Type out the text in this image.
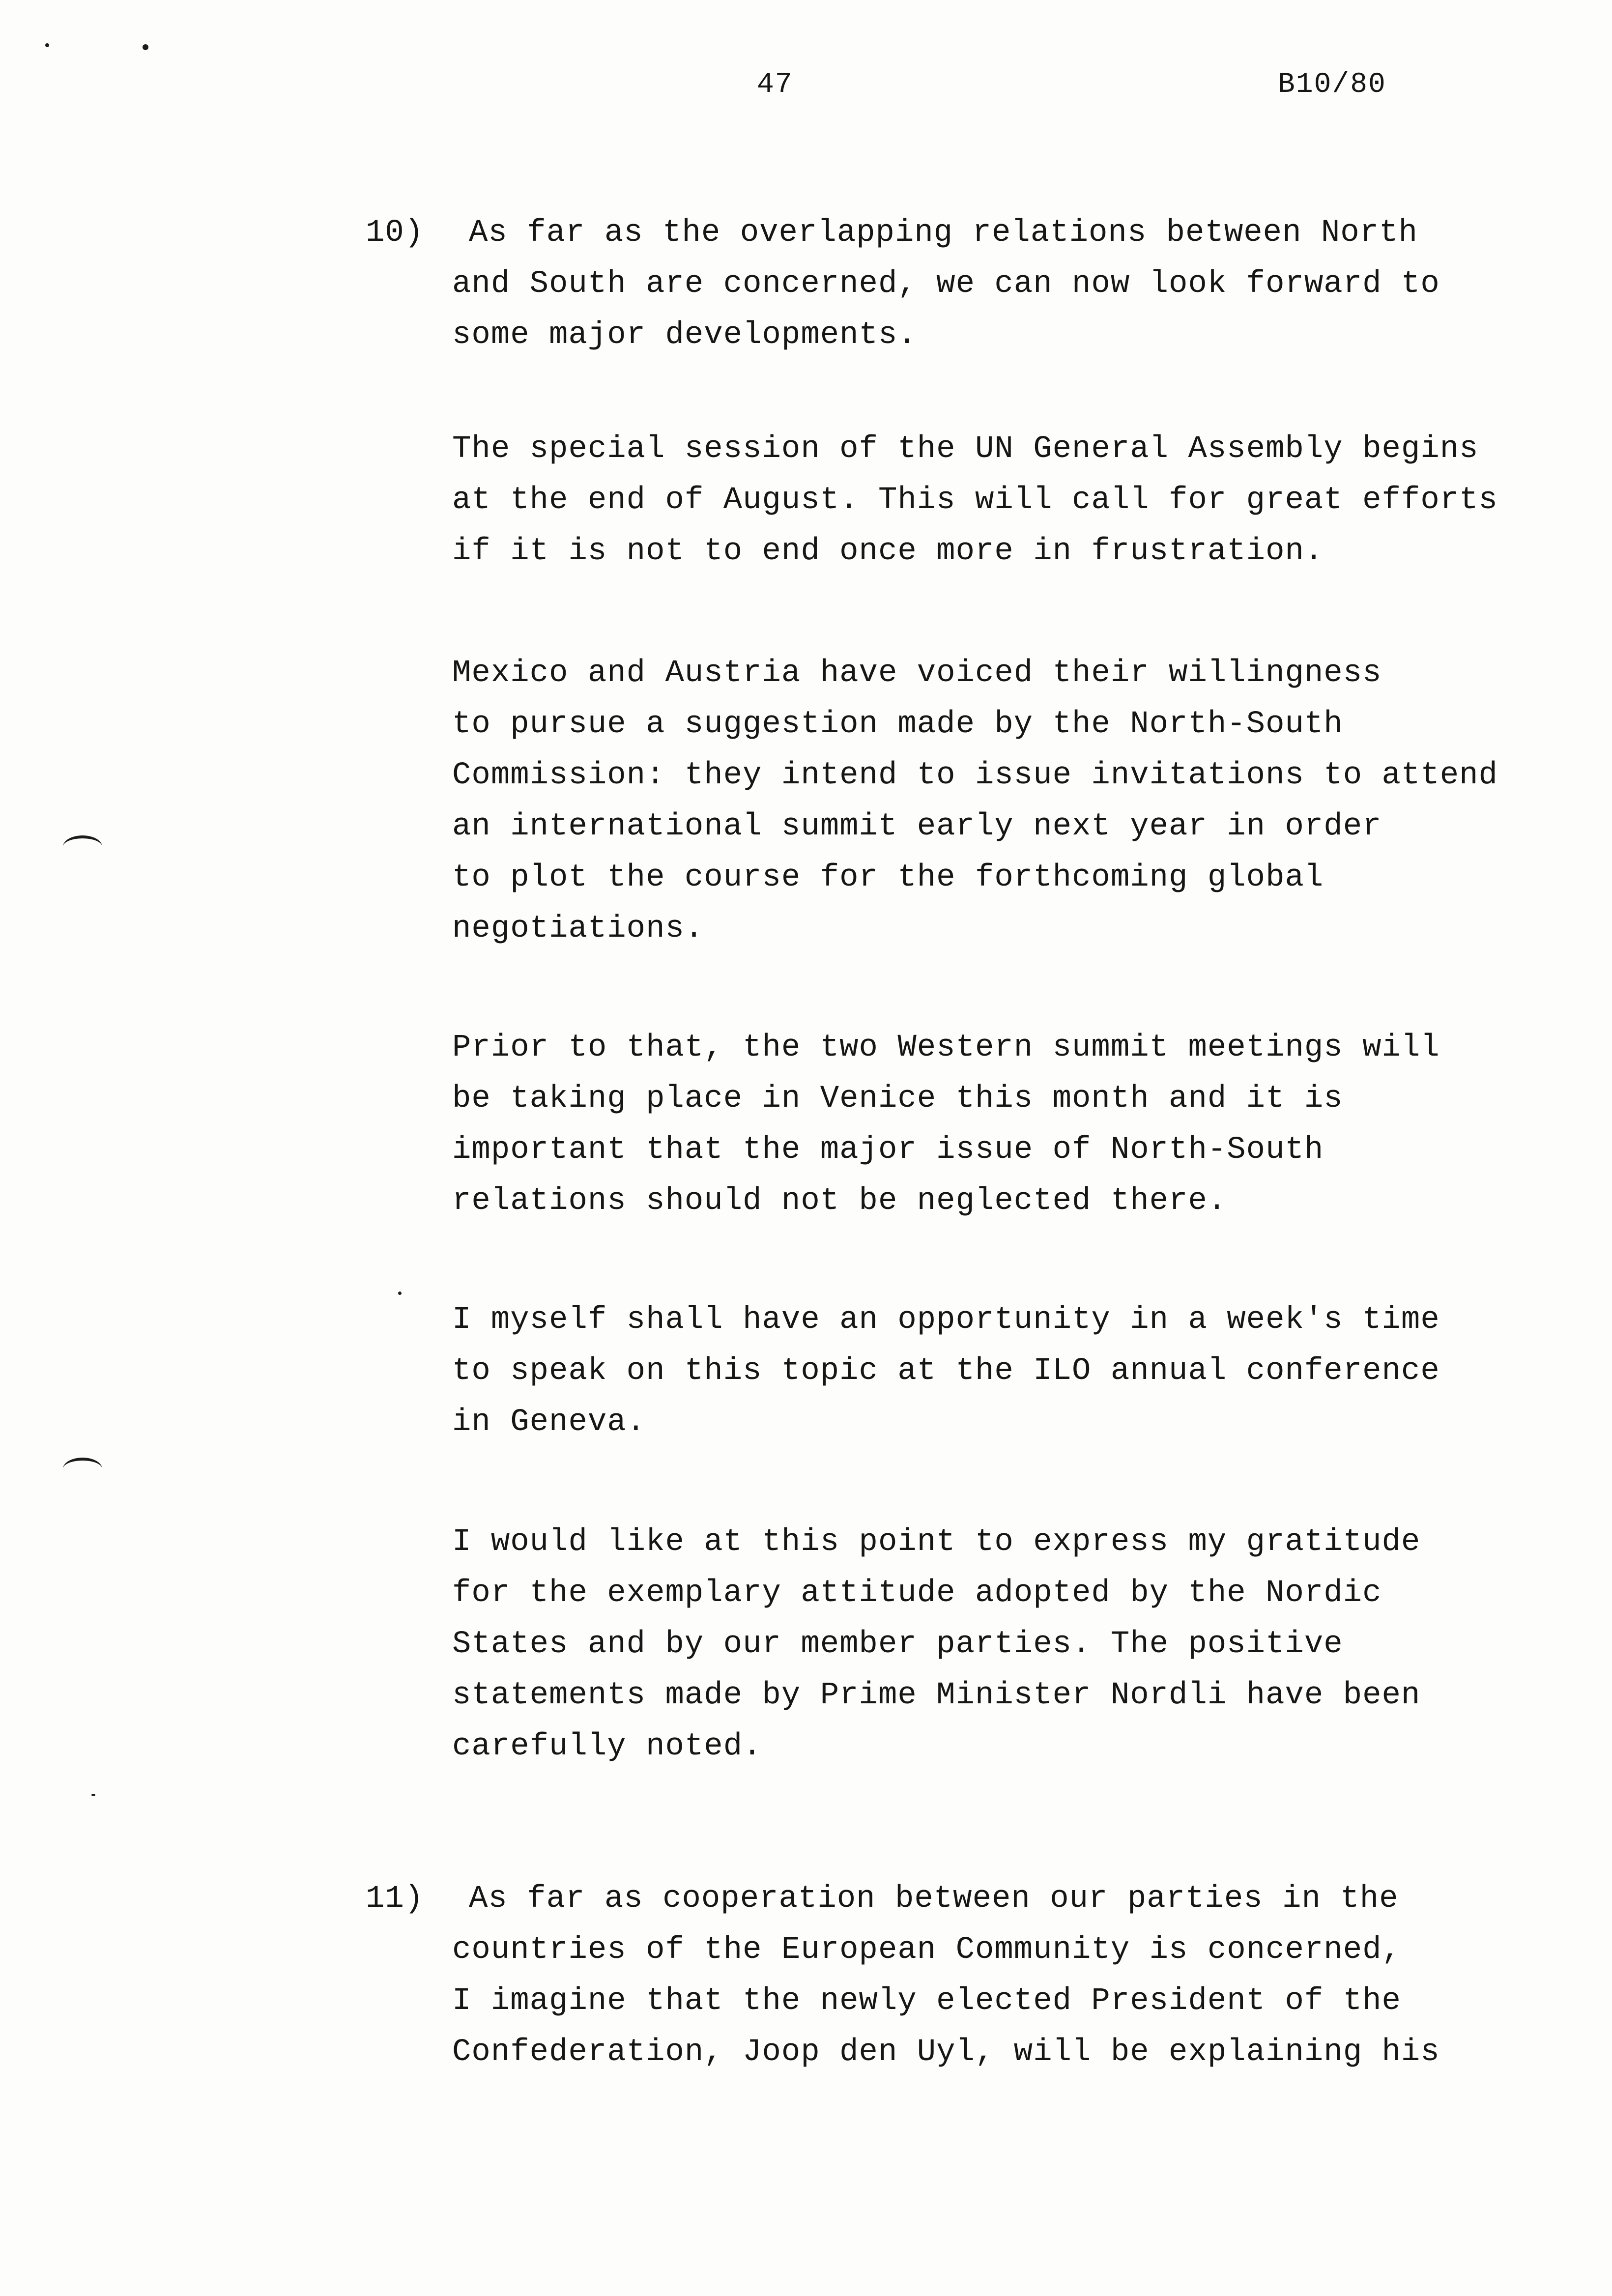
47	B10/80
10) As far as the overlapping relations between North
and South are concerned, we can now look forward to
some major developments.
The special session of the UN General Assembly begins
at the end of August. This will call for great efforts
if it is not to end once more in frustration.
Mexico and Austria have voiced their willingness
to pursue a suggestion made by the North-South
Commission: they intend to issue invitations to attend
an international summit early next year in order
to plot the course for the forthcoming global
negotiations.
Prior to that, the two Western summit meetings will
be taking place in Venice this month and it is
important that the major issue of North-South
relations should not be neglected there.
I myself shall have an opportunity in a week's time
to speak on this topic at the ILO annual conference
in Geneva.
I would like at this point to express my gratitude
for the exemplary attitude adopted by the Nordic
States and by our member parties. The positive
statements made by Prime Minister Nordli have been
carefully noted.
11) As far as cooperation between our parties in the
countries of the European Community is concerned,
I imagine that the newly elected President of the
Confederation, Joop den Uyl, will be explaining his
